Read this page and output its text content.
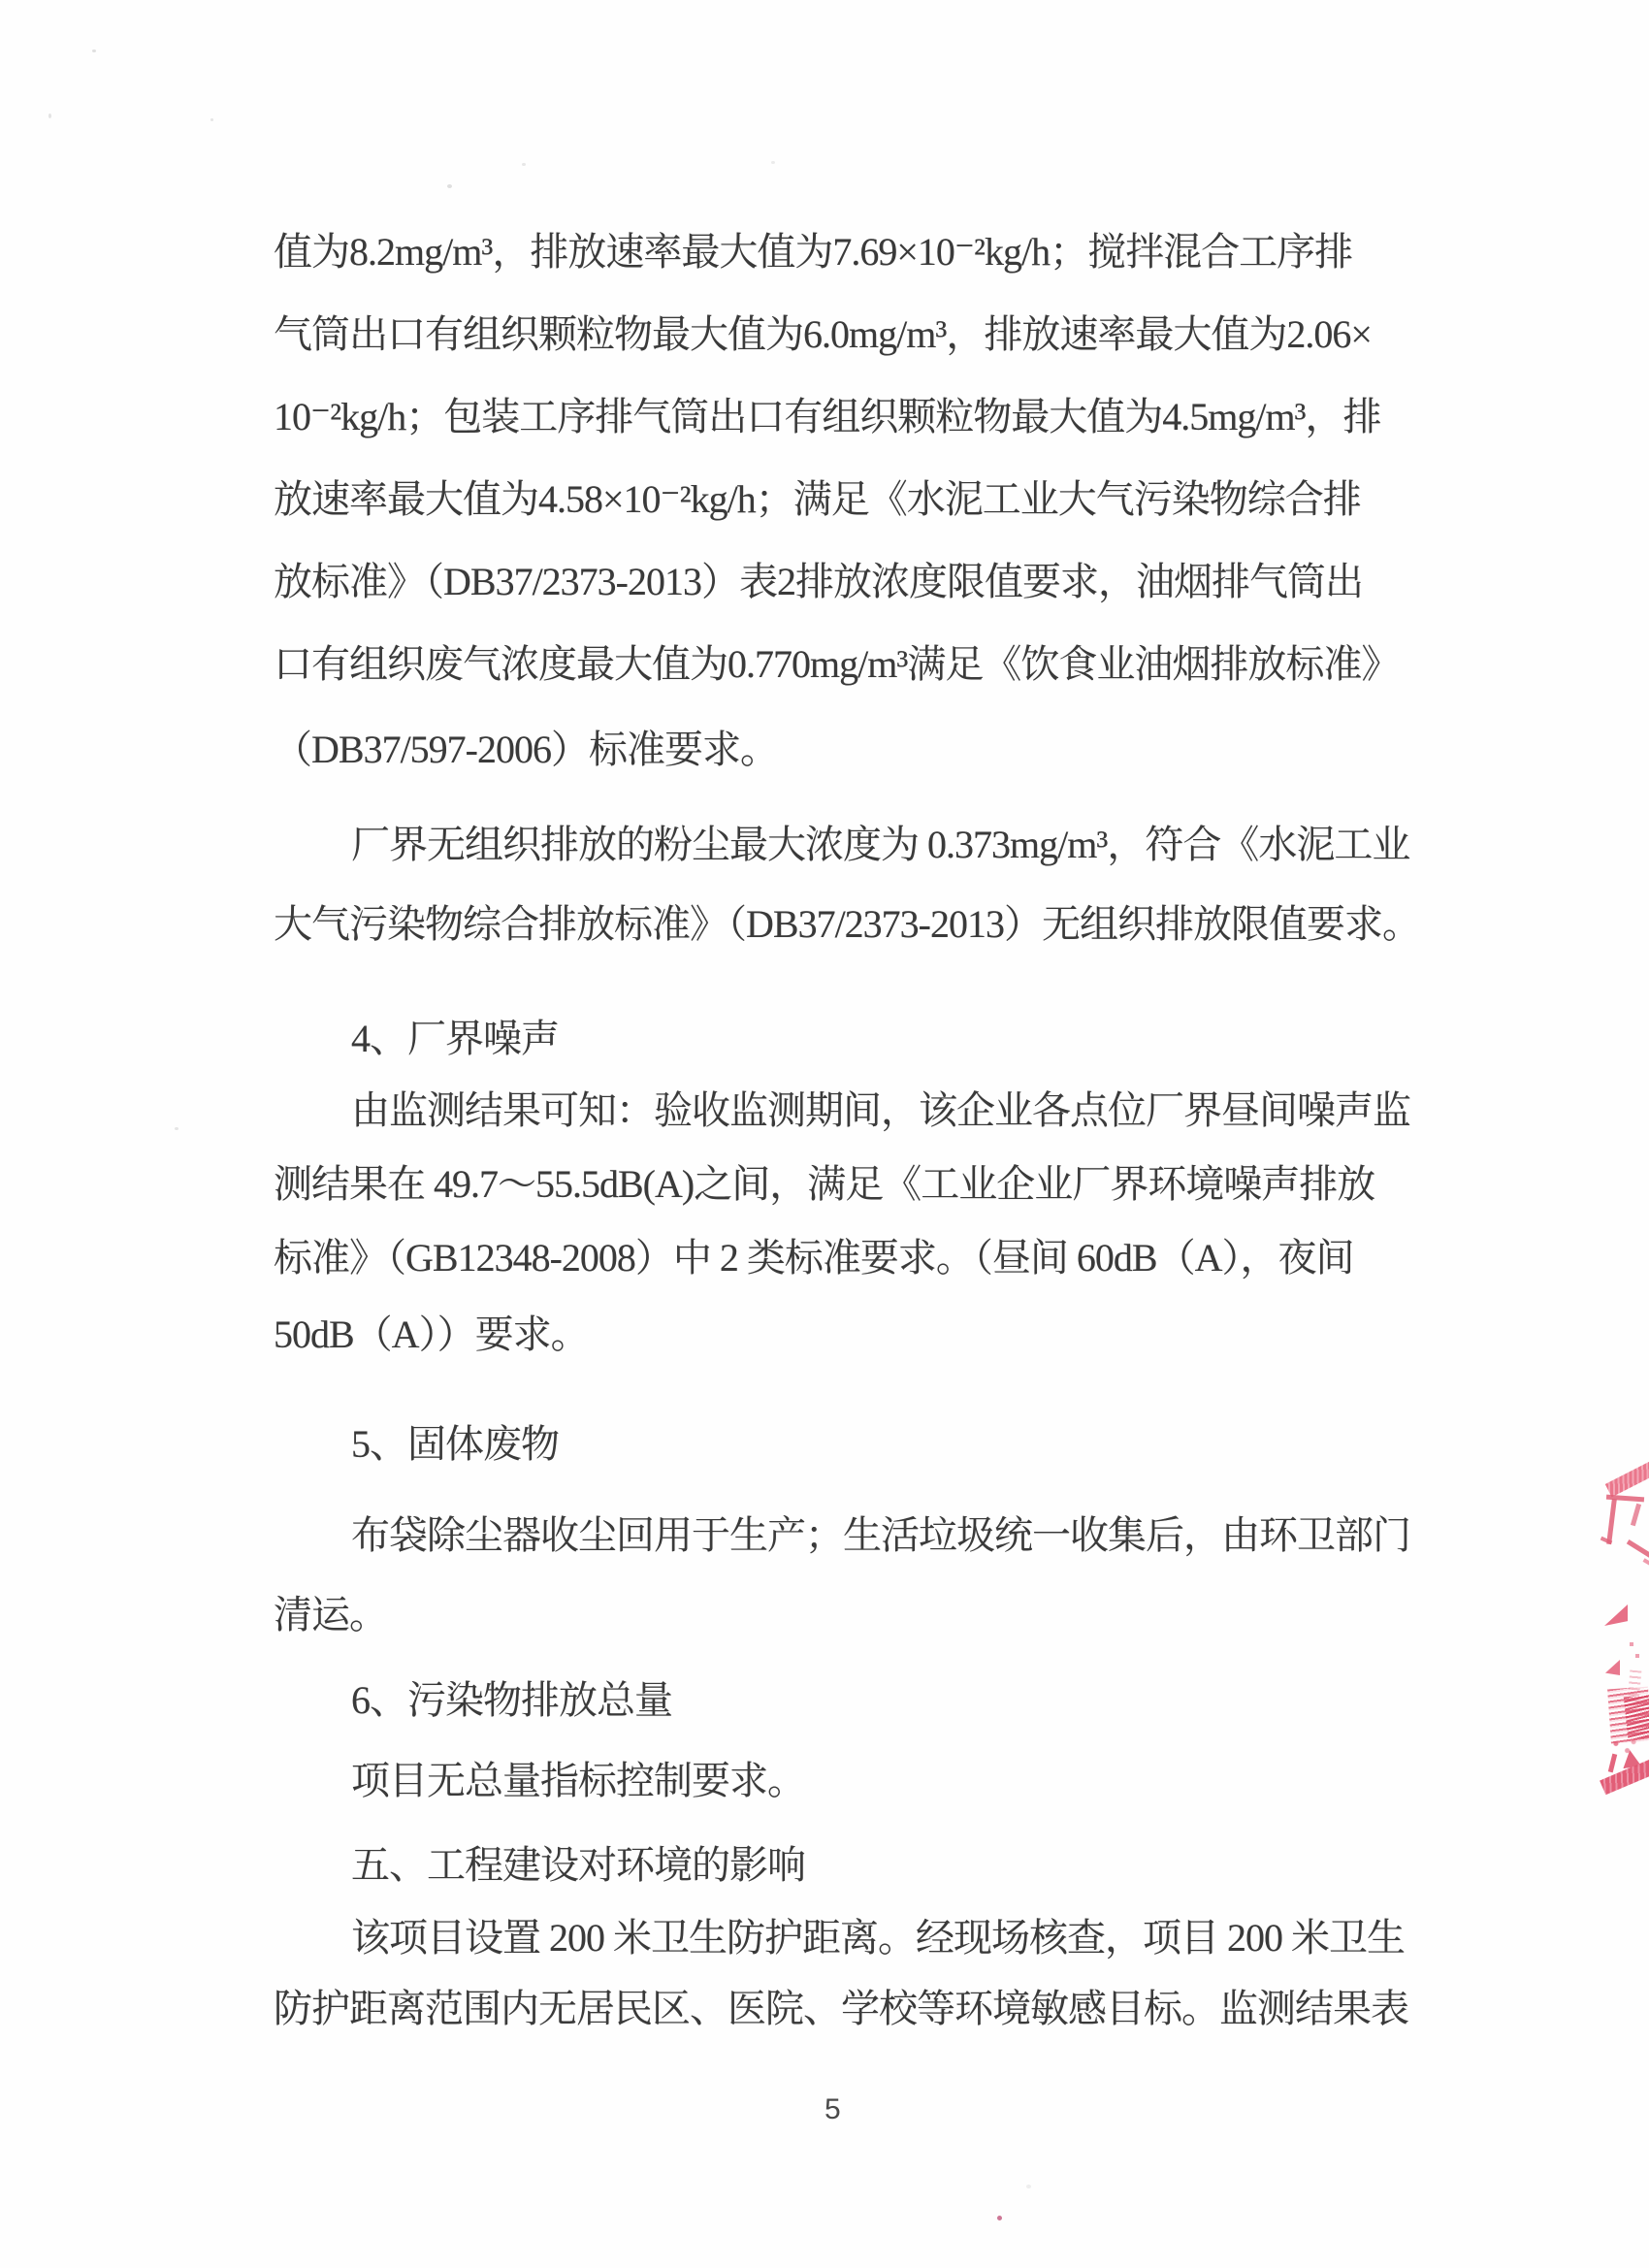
值为8.2mg/m³，排放速率最大值为7.69×10⁻²kg/h；搅拌混合工序排
气筒出口有组织颗粒物最大值为6.0mg/m³，排放速率最大值为2.06×
10⁻²kg/h；包装工序排气筒出口有组织颗粒物最大值为4.5mg/m³，排
放速率最大值为4.58×10⁻²kg/h；满足《水泥工业大气污染物综合排
放标准》（DB37/2373-2013）表2排放浓度限值要求，油烟排气筒出
口有组织废气浓度最大值为0.770mg/m³满足《饮食业油烟排放标准》
（DB37/597-2006）标准要求。
厂界无组织排放的粉尘最大浓度为 0.373mg/m³，符合《水泥工业
大气污染物综合排放标准》（DB37/2373-2013）无组织排放限值要求。
4、厂界噪声
由监测结果可知：验收监测期间，该企业各点位厂界昼间噪声监
测结果在 49.7～55.5dB(A)之间，满足《工业企业厂界环境噪声排放
标准》（GB12348-2008）中 2 类标准要求。（昼间 60dB（A），夜间
50dB（A））要求。
5、固体废物
布袋除尘器收尘回用于生产；生活垃圾统一收集后，由环卫部门
清运。
6、污染物排放总量
项目无总量指标控制要求。
五、工程建设对环境的影响
该项目设置 200 米卫生防护距离。经现场核查，项目 200 米卫生
防护距离范围内无居民区、医院、学校等环境敏感目标。监测结果表
5
